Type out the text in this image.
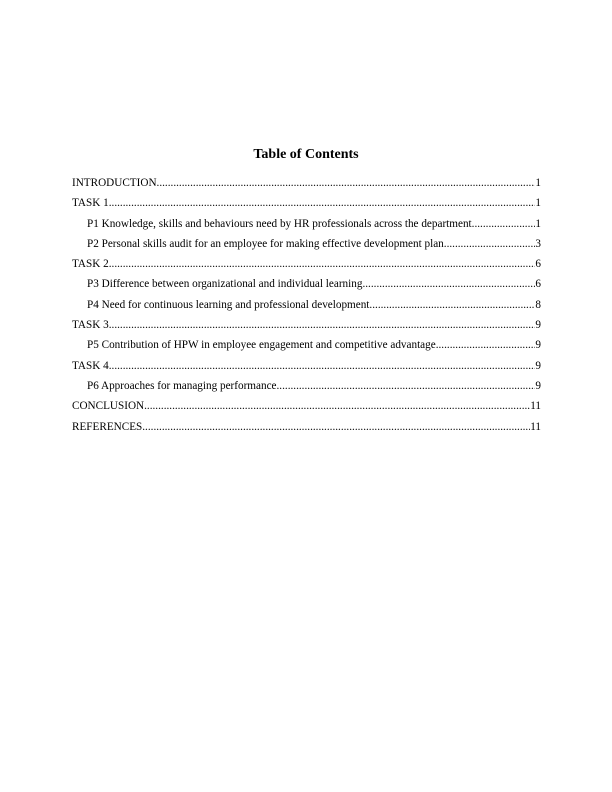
Table of Contents
INTRODUCTION .....	1
TASK 1 .....	1
P1 Knowledge, skills and behaviours need by HR professionals across the department .....	1
P2 Personal skills audit for an employee for making effective development plan .....	3
TASK 2 .....	6
P3 Difference between organizational and individual learning .....	6
P4 Need for continuous learning and professional development .....	8
TASK 3 .....	9
P5 Contribution of HPW in employee engagement and competitive advantage .....	9
TASK 4 .....	9
P6 Approaches for managing performance .....	9
CONCLUSION .....	11
REFERENCES .....	11
